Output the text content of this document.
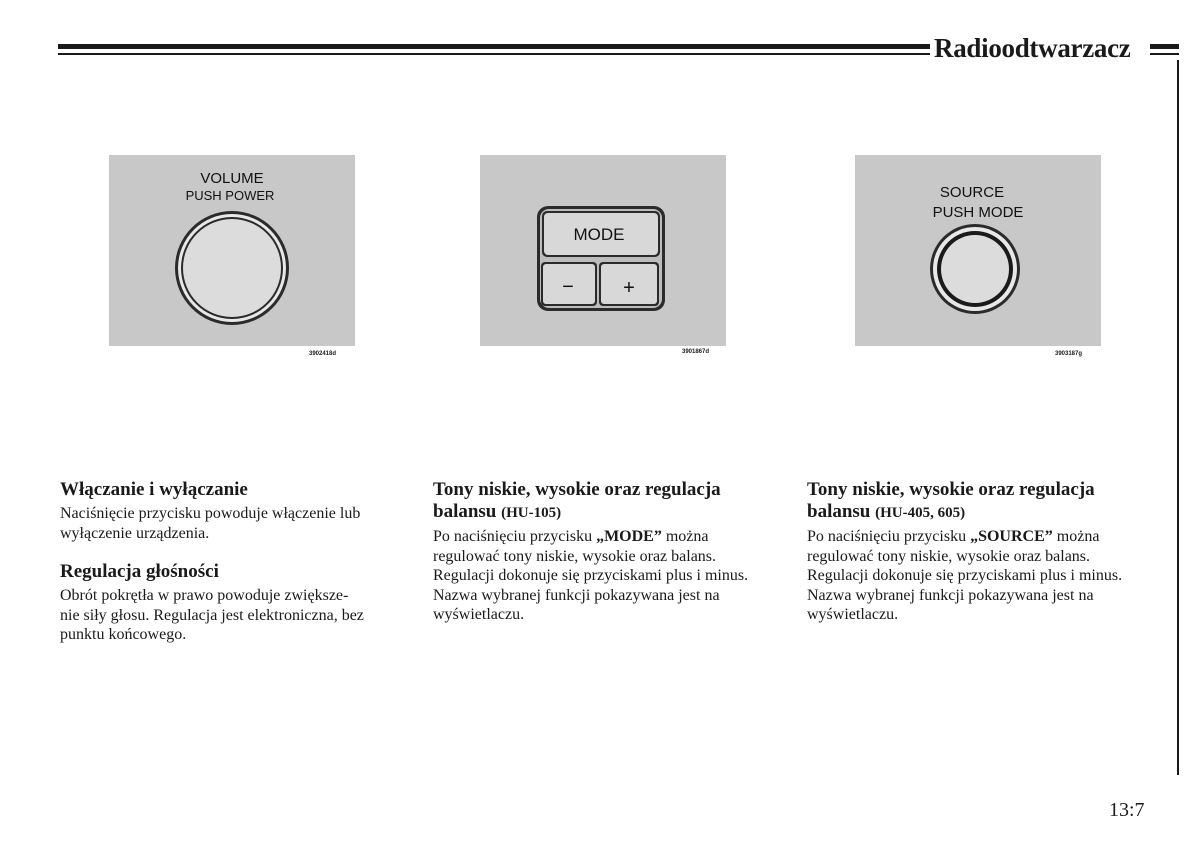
Radioodtwarzacz
VOLUME
PUSH POWER
3902418d
MODE
− +
3901867d
SOURCE
PUSH MODE
3903187g

Włączanie i wyłączanie

Naciśnięcie przycisku powoduje włączenie lub wyłączenie urządzenia.

Regulacja głośności

Obrót pokrętła w prawo powoduje zwiększe-
nie siły głosu. Regulacja jest elektroniczna, bez punktu końcowego.

Tony niskie, wysokie oraz regulacja balansu (HU-105)

Po naciśnięciu przycisku „MODE” można regulować tony niskie, wysokie oraz balans. Regulacji dokonuje się przyciskami plus i minus. Nazwa wybranej funkcji pokazywana jest na wyświetlaczu.

Tony niskie, wysokie oraz regulacja balansu (HU-405, 605)

Po naciśnięciu przycisku „SOURCE” można regulować tony niskie, wysokie oraz balans. Regulacji dokonuje się przyciskami plus i minus. Nazwa wybranej funkcji pokazywana jest na wyświetlaczu.

13:7
